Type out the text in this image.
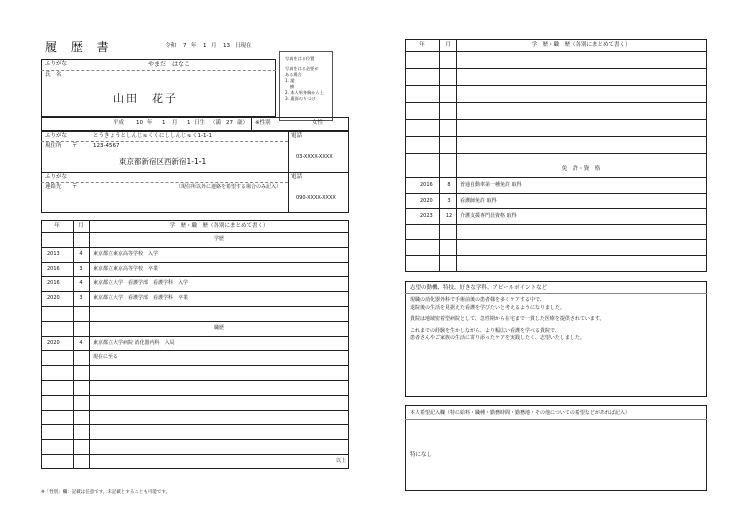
履 歴 書	令和 7 年 1 月 13 日現在
写真をはる位置
写真をはる必要が
ある場合
1. 縦
横
2. 本人単身胸から上
3. 裏面のりづけ
ふりがな	やまだ　はなこ
氏　名
山田　花子
平成 10 年 1 月 1 日生 （満 27 歳） ※性別	女性
ふりがな	とうきょうとしんじゅくくにししんじゅく1-1-1
現住所 〒	123-4567
東京都新宿区西新宿1-1-1
電話
03-XXXX-XXXX
ふりがな
連絡先 〒	（現住所以外に連絡を希望する場合のみ記入）
電話
090-XXXX-XXXX
年	月	学　歴・職　歴（各別にまとめて書く）
学歴
2013	4 東京都立東京高等学校　入学
2016	3 東京都立東京高等学校　卒業
2016	4 東京都立大学　看護学部　看護学科　入学
2020	3 東京都立大学　看護学部　看護学科　卒業
職歴
2020	4 東京都立大学病院 消化器内科　入局
現在に至る
以上
※「性別」欄：記載は任意です。未記載とすることも可能です。
年	月	学　歴・職　歴（各別にまとめて書く）
免　許・資　格
2016	8 普通自動車第一種免許 取得
2020	3 看護師免許 取得
2023	12 介護支援専門員資格 取得
志望の動機、特技、好きな学科、アピールポイントなど
現職の消化器外科で手術前後の患者様を多くケアする中で、
退院後の生活を見据えた看護を学びたいと考えるようになりました。
貴院は地域密着型病院として、急性期から在宅まで一貫した医療を提供されています。
これまでの経験を生かしながら、より幅広い看護を学べる貴院で、
患者さんやご家族の生活に寄り添ったケアを実践したく、志望いたしました。
本人希望記入欄（特に給料・職種・勤務時間・勤務地・その他についての希望などがあれば記入）
特になし
